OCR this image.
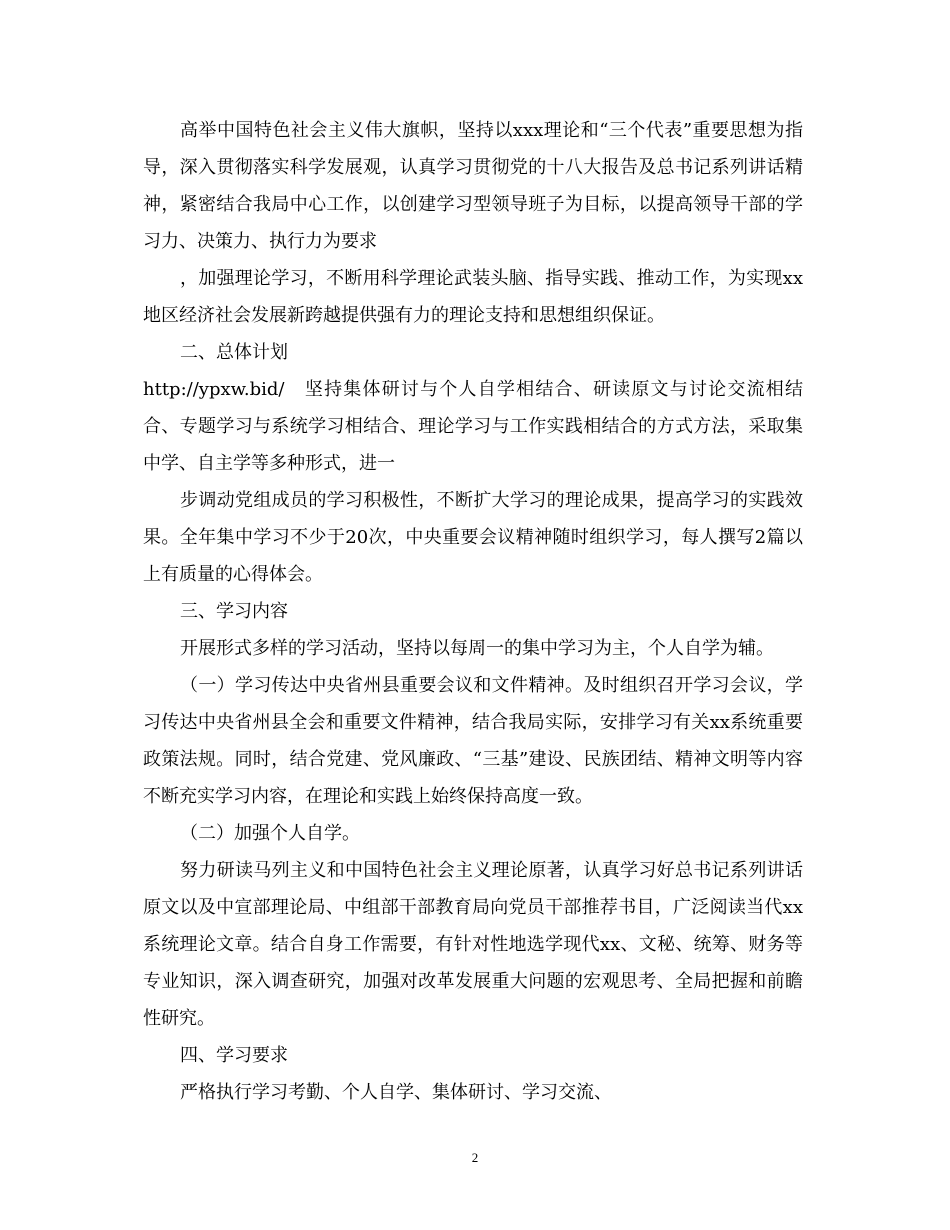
高举中国特色社会主义伟大旗帜，坚持以xxx理论和“三个代表”重要思想为指导，深入贯彻落实科学发展观，认真学习贯彻党的十八大报告及总书记系列讲话精神，紧密结合我局中心工作，以创建学习型领导班子为目标，以提高领导干部的学习力、决策力、执行力为要求

，加强理论学习，不断用科学理论武装头脑、指导实践、推动工作，为实现xx地区经济社会发展新跨越提供强有力的理论支持和思想组织保证。

二、总体计划

http://ypxw.bid/　坚持集体研讨与个人自学相结合、研读原文与讨论交流相结合、专题学习与系统学习相结合、理论学习与工作实践相结合的方式方法，采取集中学、自主学等多种形式，进一

步调动党组成员的学习积极性，不断扩大学习的理论成果，提高学习的实践效果。全年集中学习不少于20次，中央重要会议精神随时组织学习，每人撰写2篇以上有质量的心得体会。

三、学习内容

开展形式多样的学习活动，坚持以每周一的集中学习为主，个人自学为辅。

（一）学习传达中央省州县重要会议和文件精神。及时组织召开学习会议，学习传达中央省州县全会和重要文件精神，结合我局实际，安排学习有关xx系统重要政策法规。同时，结合党建、党风廉政、“三基”建设、民族团结、精神文明等内容不断充实学习内容，在理论和实践上始终保持高度一致。

（二）加强个人自学。

努力研读马列主义和中国特色社会主义理论原著，认真学习好总书记系列讲话原文以及中宣部理论局、中组部干部教育局向党员干部推荐书目，广泛阅读当代xx系统理论文章。结合自身工作需要，有针对性地选学现代xx、文秘、统筹、财务等专业知识，深入调查研究，加强对改革发展重大问题的宏观思考、全局把握和前瞻性研究。

四、学习要求

严格执行学习考勤、个人自学、集体研讨、学习交流、

2
